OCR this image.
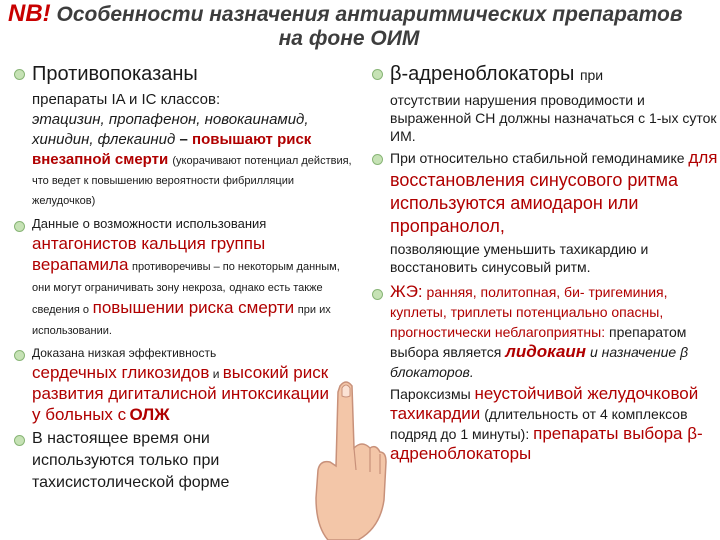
NB! Особенности назначения антиаритмических препаратов
на фоне ОИМ

Противопоказаны

препараты IA и IC классов:
этацизин, пропафенон, новокаинамид, хинидин, флекаинид – повышают риск внезапной смерти (укорачивают потенциал действия, что ведет к повышению вероятности фибрилляции желудочков)
Данные о возможности использования антагонистов кальция группы верапамила противоречивы – по некоторым данным, они могут ограничивать зону некроза, однако есть также сведения о повышении риска смерти при их использовании.
Доказана низкая эффективность
сердечных гликозидов и высокий риск развития дигиталисной интоксикации у больных с ОЛЖ

В настоящее время они используются только при тахисистолической форме

β-адреноблокаторы при

отсутствии нарушения проводимости и выраженной СН должны назначаться с 1-ых суток ИМ.

При относительно стабильной гемодинамике для восстановления синусового ритма используются амиодарон или пропранолол,

позволяющие уменьшить тахикардию и восстановить синусовый ритм.

ЖЭ: ранняя, политопная, би- тригеминия, куплеты, триплеты потенциально опасны, прогностически неблагоприятны: препаратом выбора является лидокаин и назначение β блокаторов.
Пароксизмы неустойчивой желудочковой тахикардии (длительность от 4 комплексов подряд до 1 минуты): препараты выбора β-адреноблокаторы
